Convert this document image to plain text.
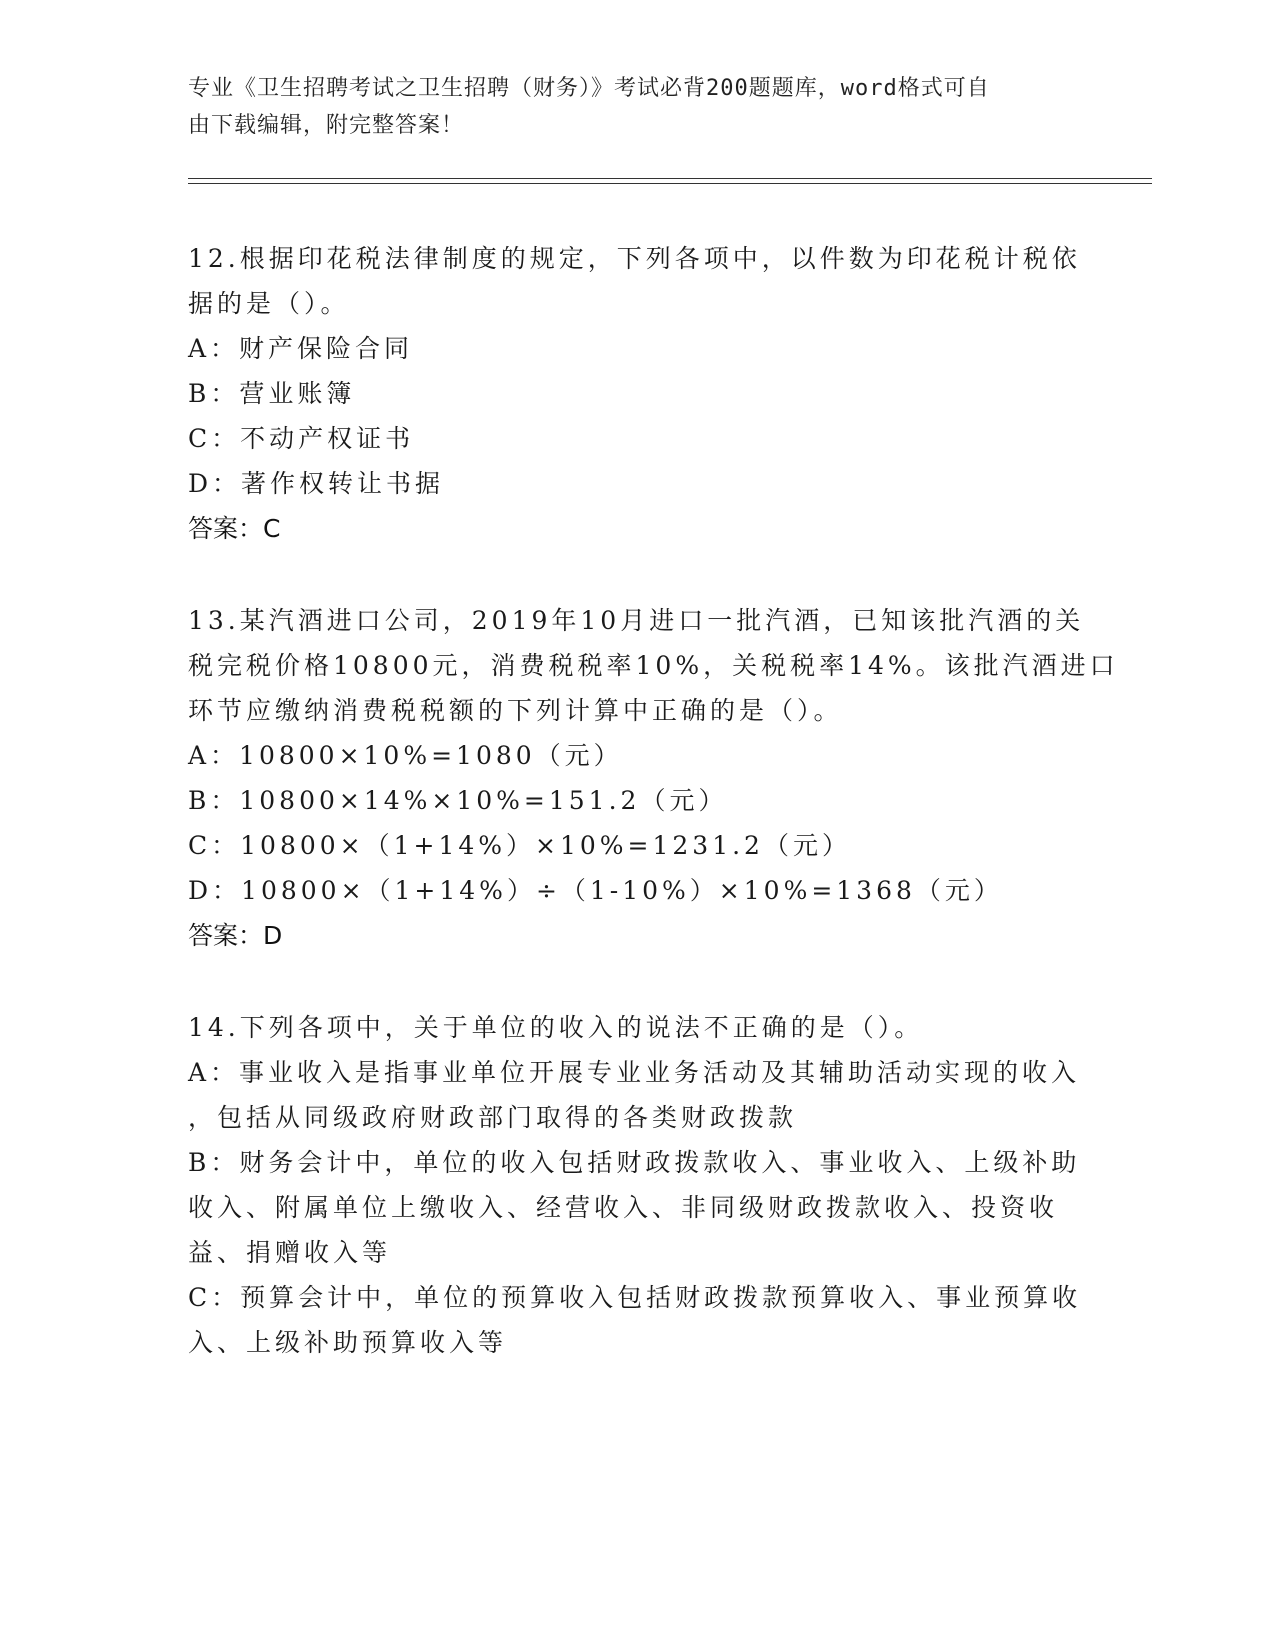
专业《卫生招聘考试之卫生招聘（财务）》考试必背200题题库，word格式可自
由下载编辑，附完整答案！
12.根据印花税法律制度的规定，下列各项中，以件数为印花税计税依
据的是（）。
A：财产保险合同
B：营业账簿
C：不动产权证书
D：著作权转让书据
答案：C
13.某汽酒进口公司，2019年10月进口一批汽酒，已知该批汽酒的关
税完税价格10800元，消费税税率10%，关税税率14%。该批汽酒进口
环节应缴纳消费税税额的下列计算中正确的是（）。
A：10800×10%=1080（元）
B：10800×14%×10%=151.2（元）
C：10800×（1+14%）×10%=1231.2（元）
D：10800×（1+14%）÷（1-10%）×10%=1368（元）
答案：D
14.下列各项中，关于单位的收入的说法不正确的是（）。
A：事业收入是指事业单位开展专业业务活动及其辅助活动实现的收入
，包括从同级政府财政部门取得的各类财政拨款
B：财务会计中，单位的收入包括财政拨款收入、事业收入、上级补助
收入、附属单位上缴收入、经营收入、非同级财政拨款收入、投资收
益、捐赠收入等
C：预算会计中，单位的预算收入包括财政拨款预算收入、事业预算收
入、上级补助预算收入等
